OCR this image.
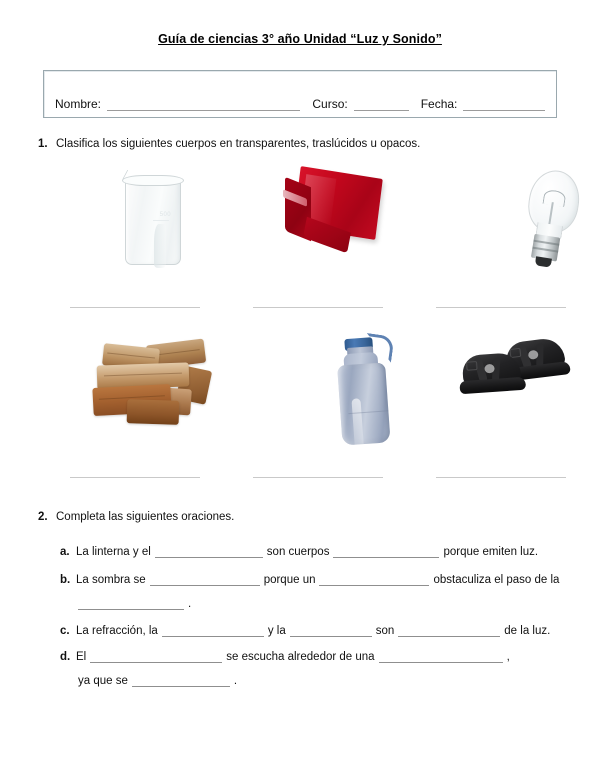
Guía de ciencias 3° año Unidad “Luz y Sonido”
Nombre:	Curso:	Fecha:
1. Clasifica los siguientes cuerpos en transparentes, traslúcidos u opacos.
500
2. Completa las siguientes oraciones.
a. La linterna y el	son cuerpos	porque emiten luz.
b. La sombra se	porque un	obstaculiza el paso de la
.
c. La refracción, la	y la	son	de la luz.
d. El	se escucha alrededor de una	,
ya que se	.
